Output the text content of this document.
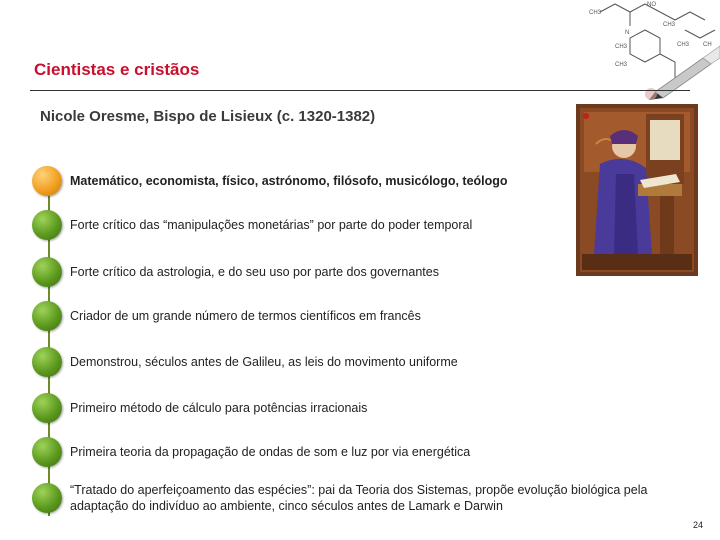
CH3
N
NO
CH3
CH3
CH3
CH3
CH
Cientistas e cristãos
Nicole Oresme, Bispo de Lisieux (c. 1320-1382)
Matemático, economista, físico, astrónomo, filósofo, musicólogo, teólogo
Forte crítico das “manipulações monetárias” por parte do poder temporal
Forte crítico da astrologia, e do seu uso por parte dos governantes
Criador de um grande número de termos científicos em francês
Demonstrou, séculos antes de Galileu, as leis do movimento uniforme
Primeiro método de cálculo para potências irracionais
Primeira teoria da propagação de ondas de som e luz por via energética
“Tratado do aperfeiçoamento das espécies”: pai da Teoria dos Sistemas, propõe evolução biológica pela adaptação do indivíduo ao ambiente, cinco séculos antes de Lamark e Darwin
24
